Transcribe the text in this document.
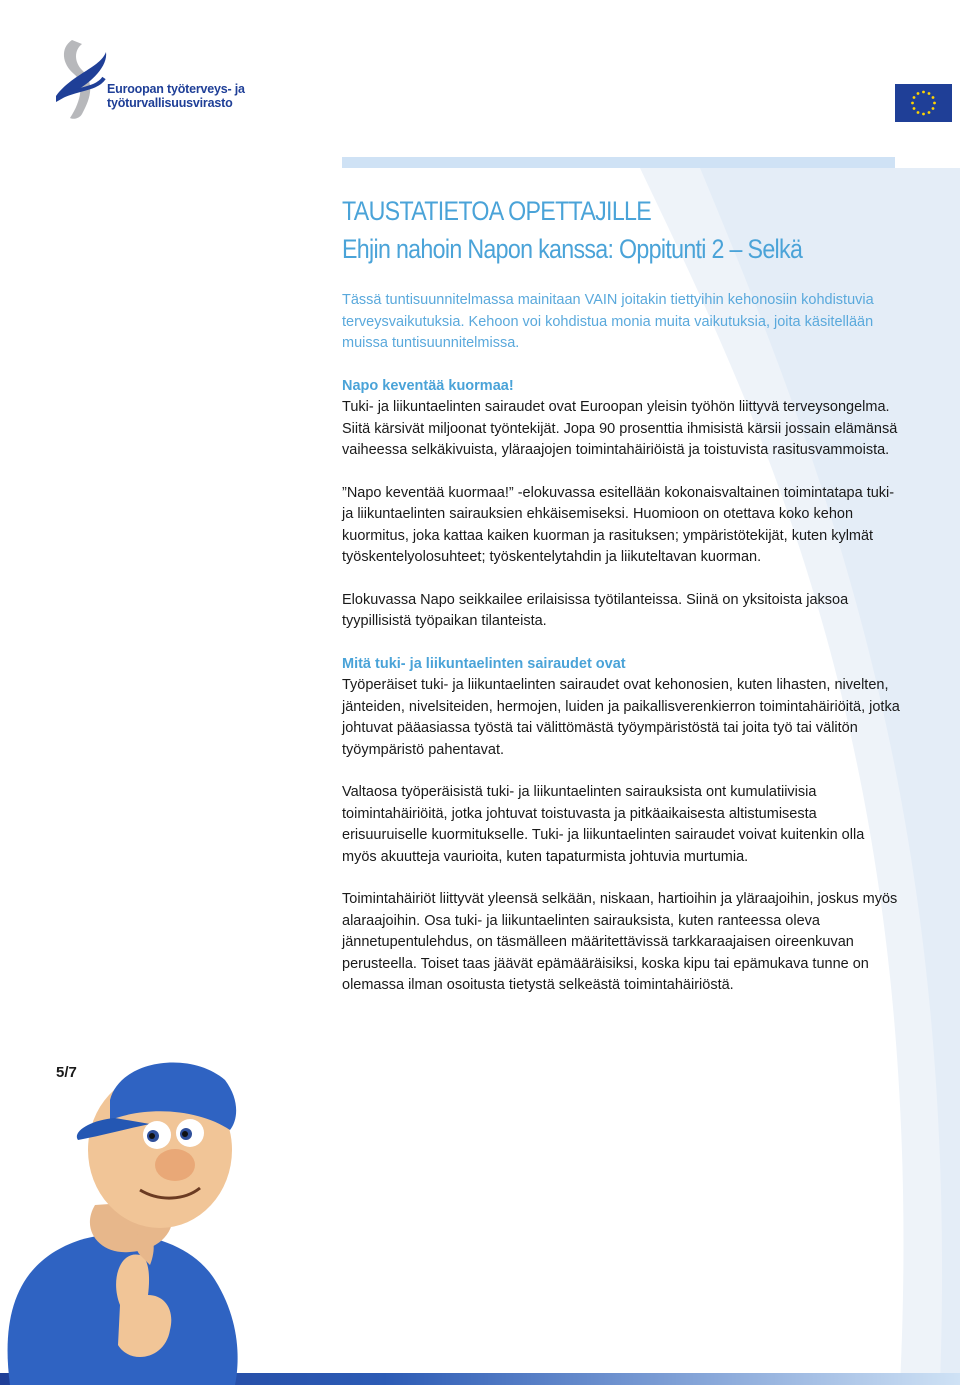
Euroopan työterveys- ja
työturvallisuusvirasto
TAUSTATIETOA OPETTAJILLE
Ehjin nahoin Napon kanssa: Oppitunti 2 – Selkä
Tässä tuntisuunnitelmassa mainitaan VAIN joitakin tiettyihin kehonosiin kohdistuvia terveysvaikutuksia. Kehoon voi kohdistua monia muita vaikutuksia, joita käsitellään muissa tuntisuunnitelmissa.
Napo keventää kuormaa!
Tuki- ja liikuntaelinten sairaudet ovat Euroopan yleisin työhön liittyvä terveysongelma. Siitä kärsivät miljoonat työntekijät. Jopa 90 prosenttia ihmisistä kärsii jossain elämänsä vaiheessa selkäkivuista, yläraajojen toimintahäiriöistä ja toistuvista rasitusvammoista.
”Napo keventää kuormaa!” -elokuvassa esitellään kokonaisvaltainen toimintatapa tuki- ja liikuntaelinten sairauksien ehkäisemiseksi. Huomioon on otettava koko kehon kuormitus, joka kattaa kaiken kuorman ja rasituksen; ympäristötekijät, kuten kylmät työskentelyolosuhteet; työskentelytahdin ja liikuteltavan kuorman.
Elokuvassa Napo seikkailee erilaisissa työtilanteissa. Siinä on yksitoista jaksoa tyypillisistä työpaikan tilanteista.
Mitä tuki- ja liikuntaelinten sairaudet ovat
Työperäiset tuki- ja liikuntaelinten sairaudet ovat kehonosien, kuten lihasten, nivelten, jänteiden, nivelsiteiden, hermojen, luiden ja paikallisverenkierron toimintahäiriöitä, jotka johtuvat pääasiassa työstä tai välittömästä työympäristöstä tai joita työ tai välitön työympäristö pahentavat.
Valtaosa työperäisistä tuki- ja liikuntaelinten sairauksista ont kumulatiivisia toimintahäiriöitä, jotka johtuvat toistuvasta ja pitkäaikaisesta altistumisesta erisuuruiselle kuormitukselle. Tuki- ja liikuntaelinten sairaudet voivat kuitenkin olla myös akuutteja vaurioita, kuten tapaturmista johtuvia murtumia.
Toimintahäiriöt liittyvät yleensä selkään, niskaan, hartioihin ja yläraajoihin, joskus myös alaraajoihin. Osa tuki- ja liikuntaelinten sairauksista, kuten ranteessa oleva jännetupentulehdus, on täsmälleen määritettävissä tarkkaraajaisen oireenkuvan perusteella. Toiset taas jäävät epämääräisiksi, koska kipu tai epämukava tunne on olemassa ilman osoitusta tietystä selkeästä toimintahäiriöstä.
5/7
